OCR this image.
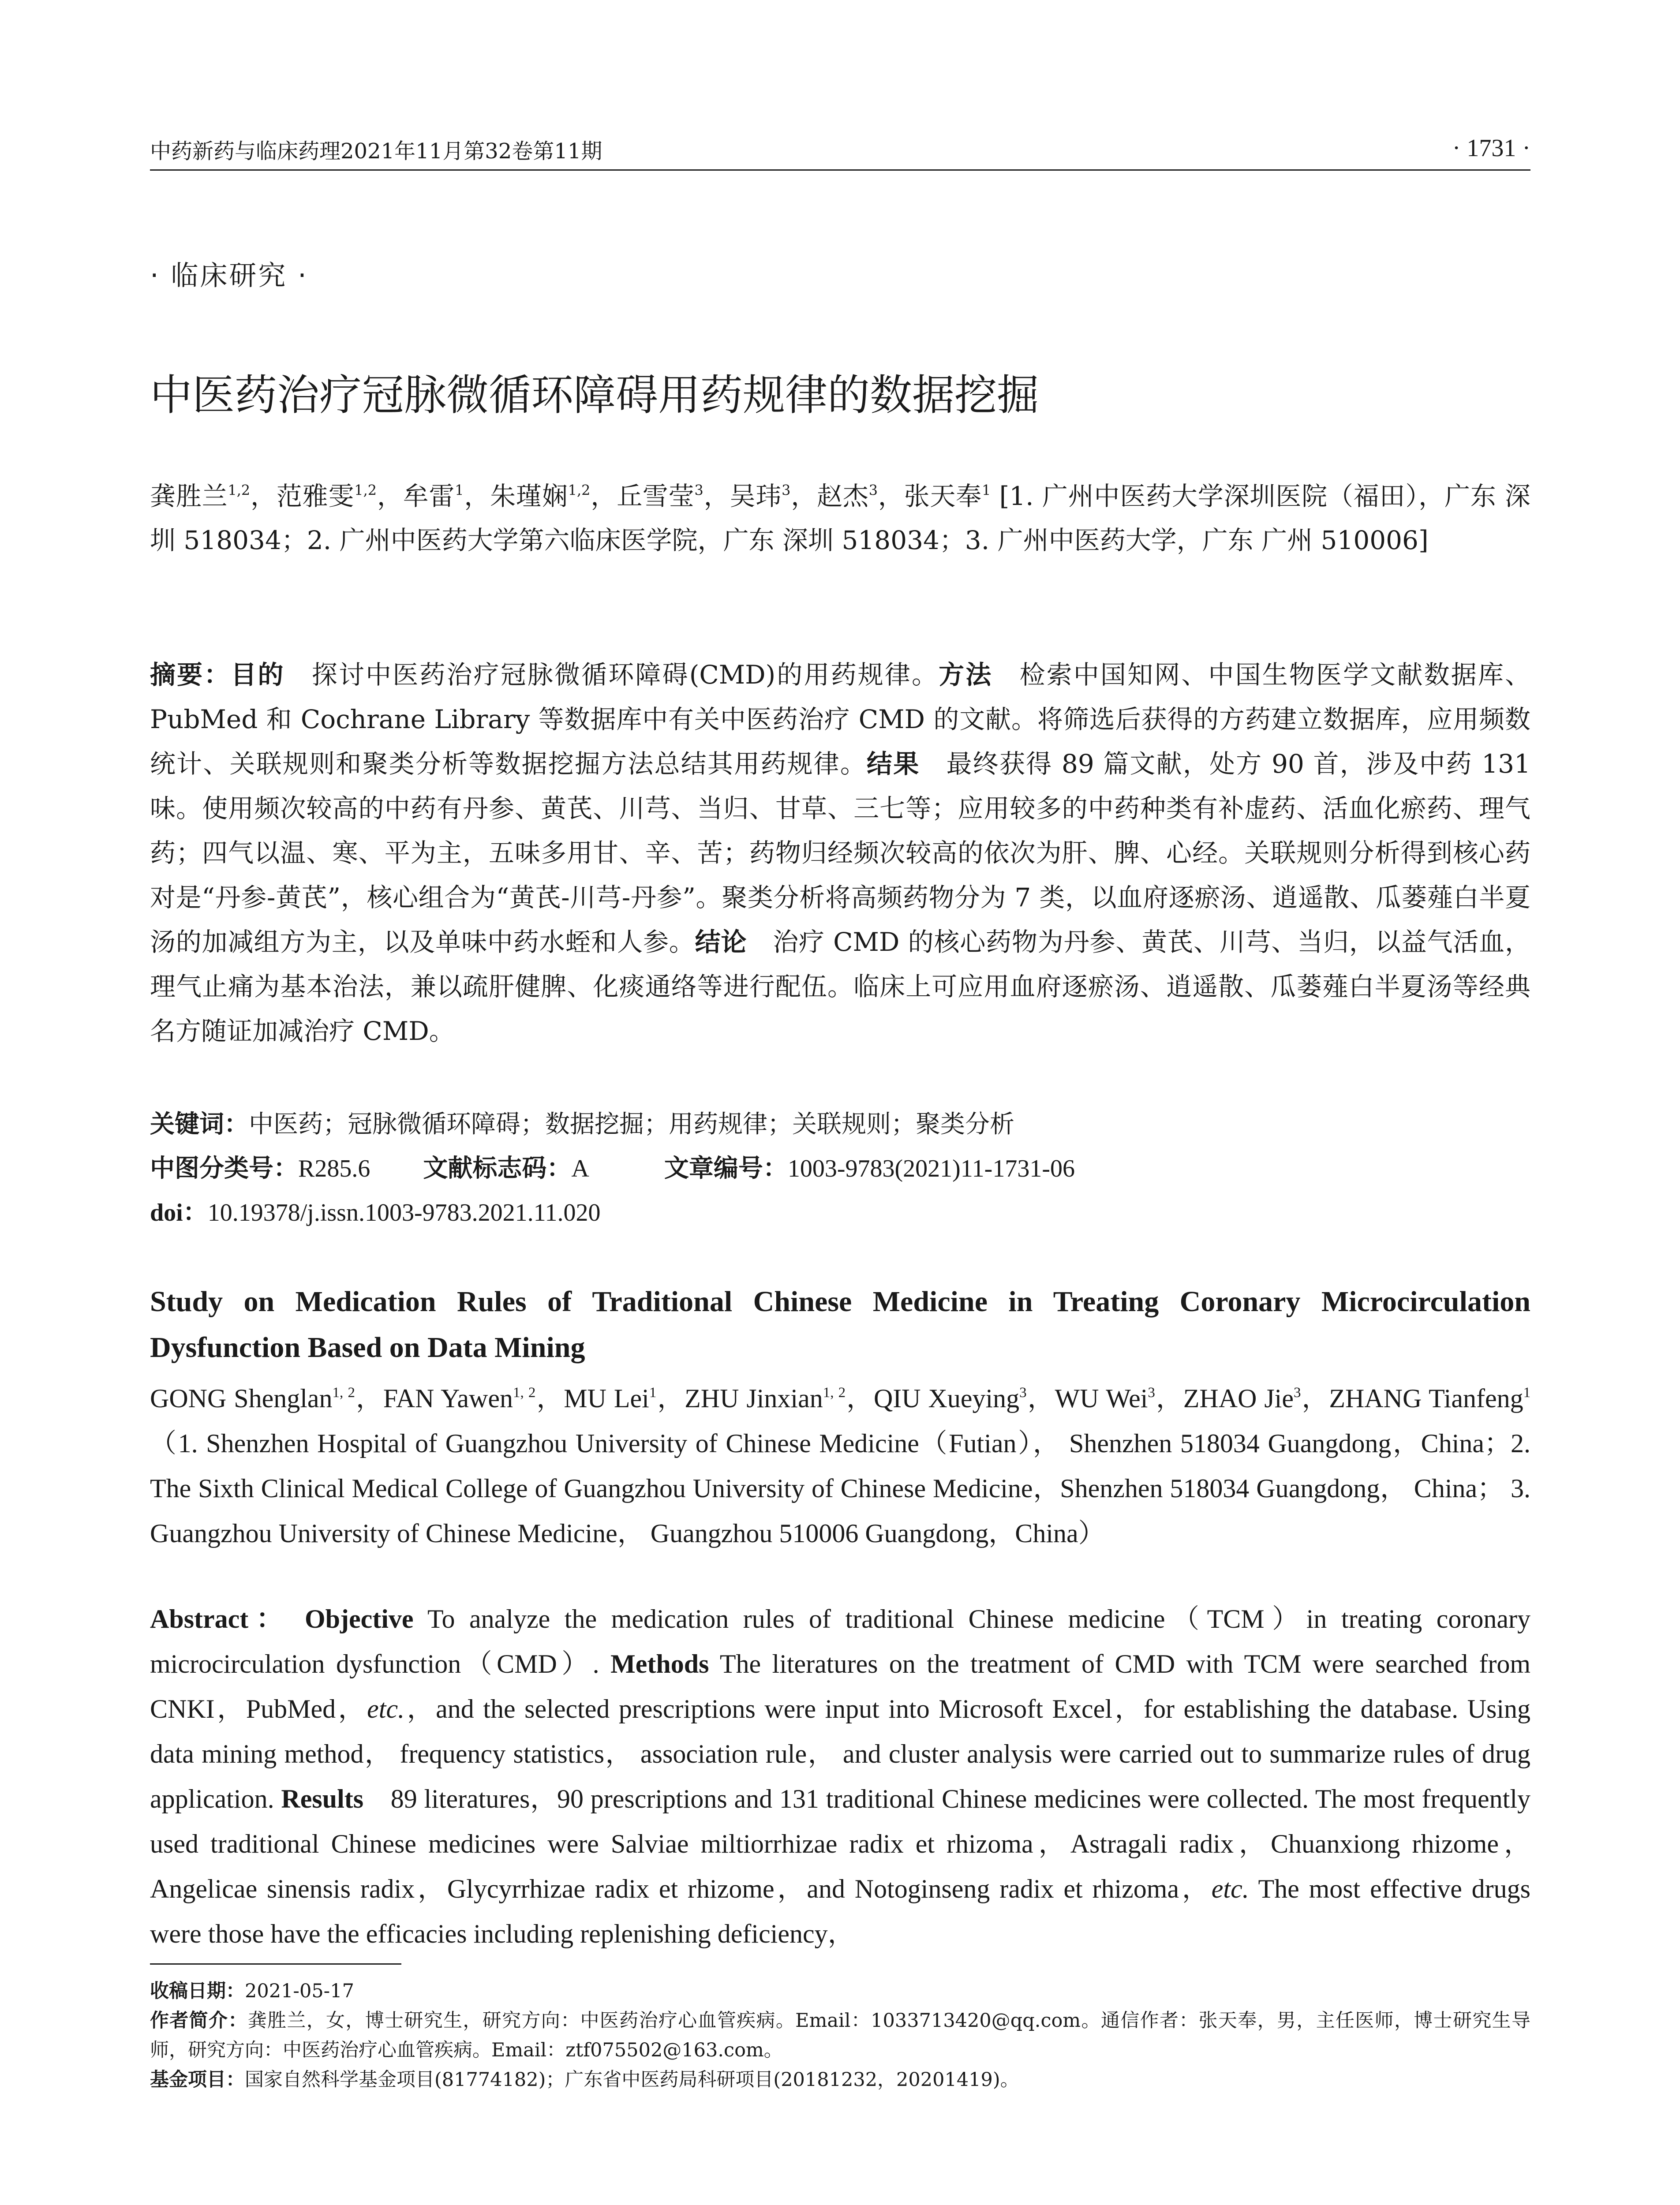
中药新药与临床药理2021年11月第32卷第11期	· 1731 ·
· 临床研究 ·
中医药治疗冠脉微循环障碍用药规律的数据挖掘
龚胜兰$^{1,2}$，范雅雯$^{1,2}$，牟雷$^1$，朱瑾娴$^{1,2}$，丘雪莹$^3$，吴玮$^3$，赵杰$^3$，张天奉$^1$ [1. 广州中医药大学深圳医院（福田），广东 深圳 518034；2. 广州中医药大学第六临床医学院，广东 深圳 518034；3. 广州中医药大学，广东 广州 510006]
摘要：目的　 探讨中医药治疗冠脉微循环障碍(CMD)的用药规律。方法　 检索中国知网、中国生物医学文献数据库、PubMed 和 Cochrane Library 等数据库中有关中医药治疗 CMD 的文献。将筛选后获得的方药建立数据库，应用频数统计、关联规则和聚类分析等数据挖掘方法总结其用药规律。结果　 最终获得 89 篇文献，处方 90 首，涉及中药 131 味。使用频次较高的中药有丹参、黄芪、川芎、当归、甘草、三七等；应用较多的中药种类有补虚药、活血化瘀药、理气药；四气以温、寒、平为主，五味多用甘、辛、苦；药物归经频次较高的依次为肝、脾、心经。关联规则分析得到核心药对是“丹参-黄芪”，核心组合为“黄芪-川芎-丹参”。聚类分析将高频药物分为 7 类，以血府逐瘀汤、逍遥散、瓜蒌薤白半夏汤的加减组方为主，以及单味中药水蛭和人参。结论　 治疗 CMD 的核心药物为丹参、黄芪、川芎、当归，以益气活血，理气止痛为基本治法，兼以疏肝健脾、化痰通络等进行配伍。临床上可应用血府逐瘀汤、逍遥散、瓜蒌薤白半夏汤等经典名方随证加减治疗 CMD。
关键词：中医药；冠脉微循环障碍；数据挖掘；用药规律；关联规则；聚类分析
中图分类号：R285.6 文献标志码：A	文章编号：1003-9783(2021)11-1731-06
doi：10.19378/j.issn.1003-9783.2021.11.020
Study on Medication Rules of Traditional Chinese Medicine in Treating Coronary Microcirculation Dysfunction Based on Data Mining
GONG Shenglan$^{1, 2}$，FAN Yawen$^{1, 2}$，MU Lei$^1$，ZHU Jinxian$^{1, 2}$，QIU Xueying$^3$，WU Wei$^3$，ZHAO Jie$^3$，ZHANG Tianfeng$^1$（1. Shenzhen Hospital of Guangzhou University of Chinese Medicine（Futian）， Shenzhen 518034 Guangdong，China；2. The Sixth Clinical Medical College of Guangzhou University of Chinese Medicine，Shenzhen 518034 Guangdong， China； 3. Guangzhou University of Chinese Medicine， Guangzhou 510006 Guangdong，China）
Abstract： Objective To analyze the medication rules of traditional Chinese medicine（TCM）in treating coronary microcirculation dysfunction（CMD）. Methods The literatures on the treatment of CMD with TCM were searched from CNKI，PubMed，etc.，and the selected prescriptions were input into Microsoft Excel，for establishing the database. Using data mining method， frequency statistics， association rule， and cluster analysis were carried out to summarize rules of drug application. Results　 89 literatures，90 prescriptions and 131 traditional Chinese medicines were collected. The most frequently used traditional Chinese medicines were Salviae miltiorrhizae radix et rhizoma，Astragali radix，Chuanxiong rhizome，Angelicae sinensis radix，Glycyrrhizae radix et rhizome，and Notoginseng radix et rhizoma，etc. The most effective drugs were those have the efficacies including replenishing deficiency，
收稿日期：2021-05-17
作者简介：龚胜兰，女，博士研究生，研究方向：中医药治疗心血管疾病。Email：1033713420@qq.com。通信作者：张天奉，男，主任医师，博士研究生导师，研究方向：中医药治疗心血管疾病。Email：ztf075502@163.com。
基金项目：国家自然科学基金项目(81774182)；广东省中医药局科研项目(20181232，20201419)。
